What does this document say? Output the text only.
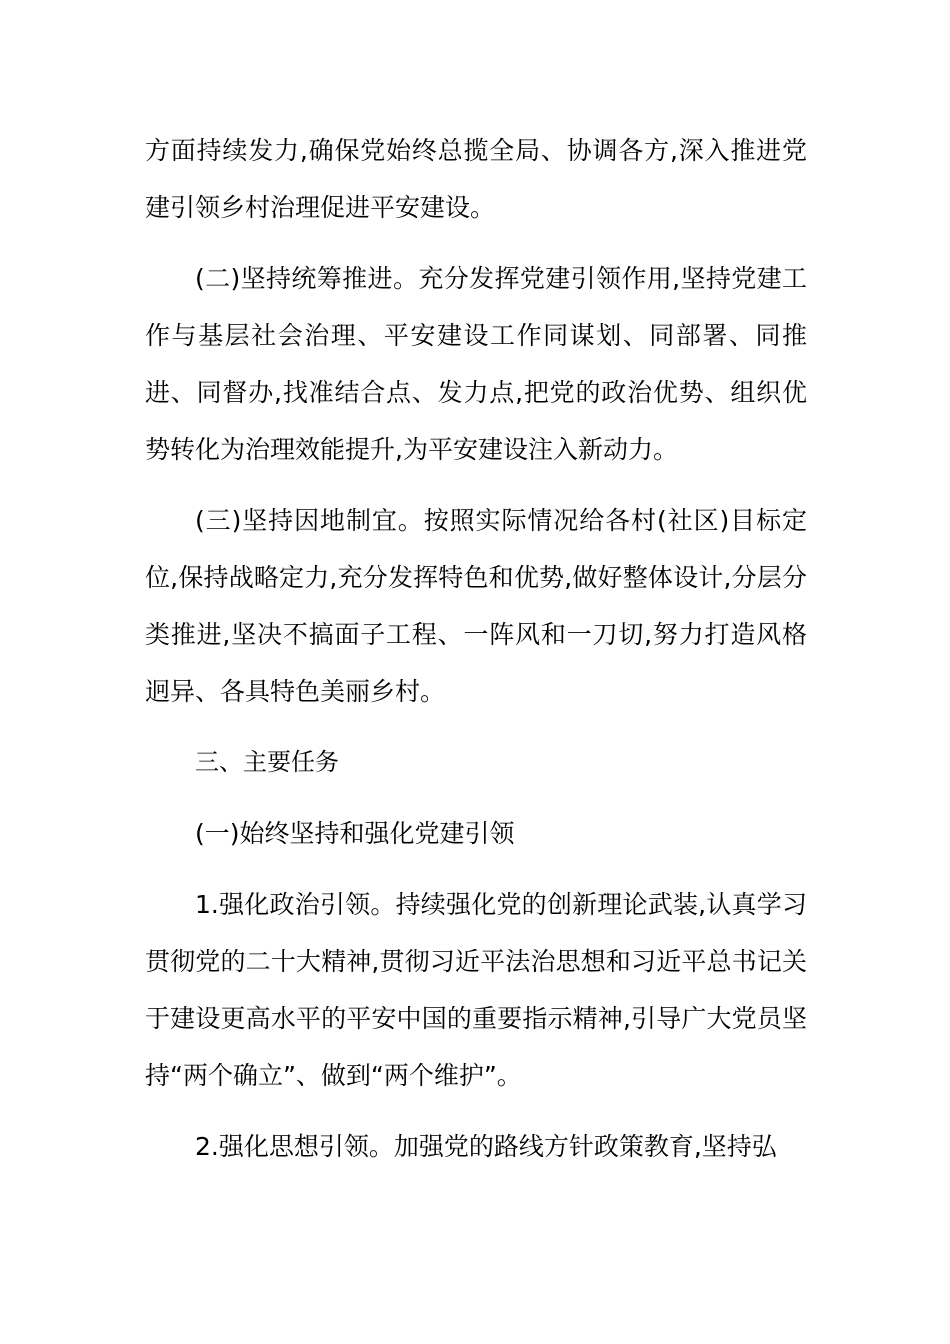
方面持续发力,确保党始终总揽全局、协调各方,深入推进党建引领乡村治理促进平安建设。

(二)坚持统筹推进。充分发挥党建引领作用,坚持党建工作与基层社会治理、平安建设工作同谋划、同部署、同推进、同督办,找准结合点、发力点,把党的政治优势、组织优势转化为治理效能提升,为平安建设注入新动力。

(三)坚持因地制宜。按照实际情况给各村(社区)目标定位,保持战略定力,充分发挥特色和优势,做好整体设计,分层分类推进,坚决不搞面子工程、一阵风和一刀切,努力打造风格迥异、各具特色美丽乡村。

三、主要任务

(一)始终坚持和强化党建引领

1.强化政治引领。持续强化党的创新理论武装,认真学习贯彻党的二十大精神,贯彻习近平法治思想和习近平总书记关于建设更高水平的平安中国的重要指示精神,引导广大党员坚持“两个确立”、做到“两个维护”。

2.强化思想引领。加强党的路线方针政策教育,坚持弘
